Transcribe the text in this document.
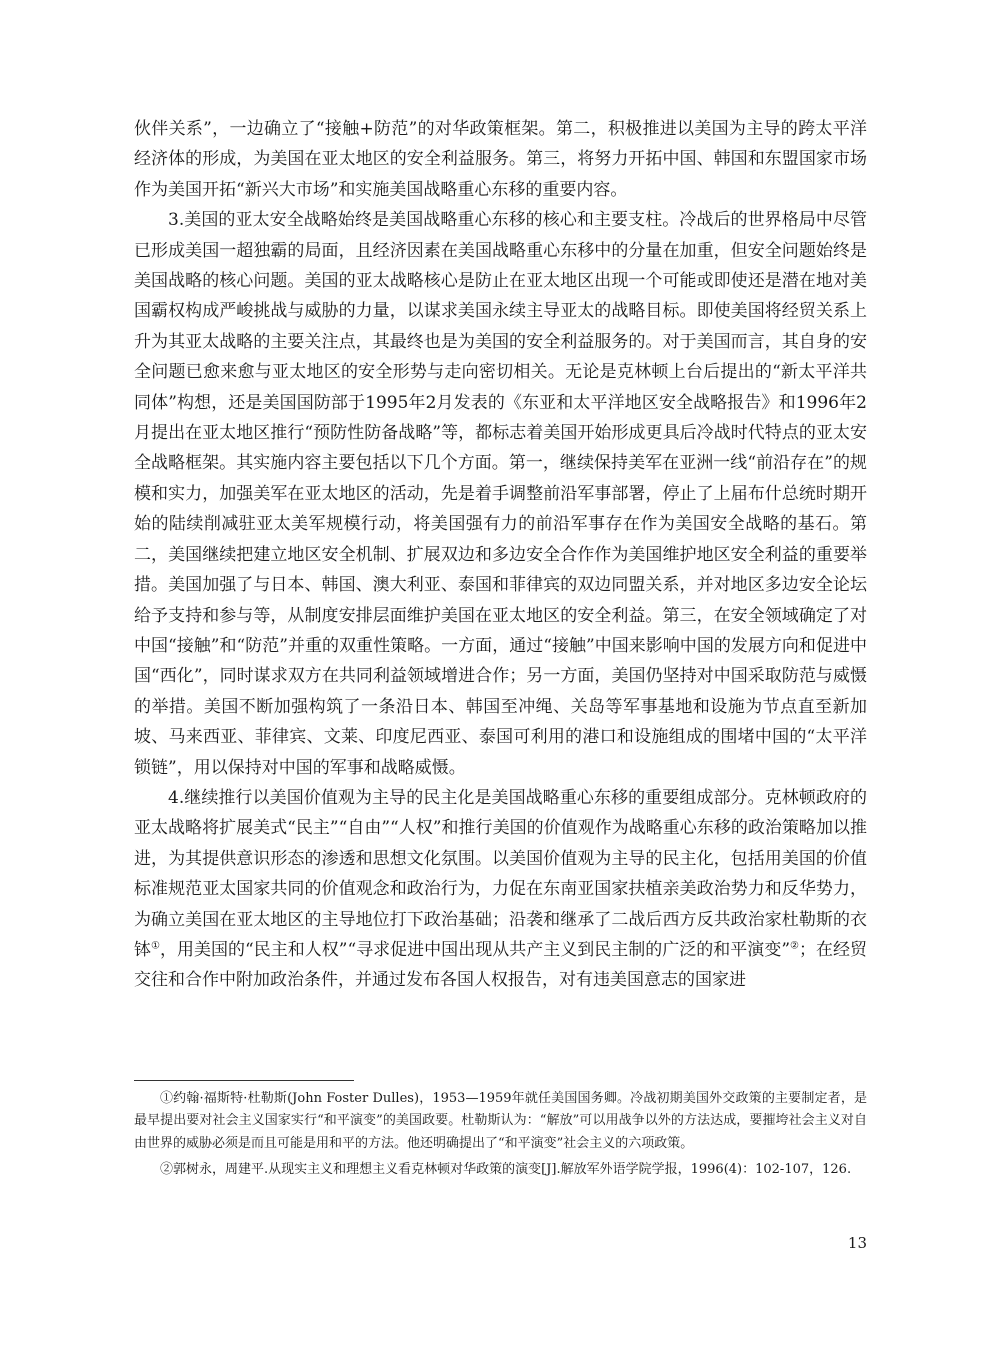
伙伴关系”，一边确立了“接触+防范”的对华政策框架。第二，积极推进以美国为主导的跨太平洋经济体的形成，为美国在亚太地区的安全利益服务。第三，将努力开拓中国、韩国和东盟国家市场作为美国开拓“新兴大市场”和实施美国战略重心东移的重要内容。

3.美国的亚太安全战略始终是美国战略重心东移的核心和主要支柱。冷战后的世界格局中尽管已形成美国一超独霸的局面，且经济因素在美国战略重心东移中的分量在加重，但安全问题始终是美国战略的核心问题。美国的亚太战略核心是防止在亚太地区出现一个可能或即使还是潜在地对美国霸权构成严峻挑战与威胁的力量，以谋求美国永续主导亚太的战略目标。即使美国将经贸关系上升为其亚太战略的主要关注点，其最终也是为美国的安全利益服务的。对于美国而言，其自身的安全问题已愈来愈与亚太地区的安全形势与走向密切相关。无论是克林顿上台后提出的“新太平洋共同体”构想，还是美国国防部于1995年2月发表的《东亚和太平洋地区安全战略报告》和1996年2月提出在亚太地区推行“预防性防备战略”等，都标志着美国开始形成更具后冷战时代特点的亚太安全战略框架。其实施内容主要包括以下几个方面。第一，继续保持美军在亚洲一线“前沿存在”的规模和实力，加强美军在亚太地区的活动，先是着手调整前沿军事部署，停止了上届布什总统时期开始的陆续削减驻亚太美军规模行动，将美国强有力的前沿军事存在作为美国安全战略的基石。第二，美国继续把建立地区安全机制、扩展双边和多边安全合作作为美国维护地区安全利益的重要举措。美国加强了与日本、韩国、澳大利亚、泰国和菲律宾的双边同盟关系，并对地区多边安全论坛给予支持和参与等，从制度安排层面维护美国在亚太地区的安全利益。第三，在安全领域确定了对中国“接触”和“防范”并重的双重性策略。一方面，通过“接触”中国来影响中国的发展方向和促进中国“西化”，同时谋求双方在共同利益领域增进合作；另一方面，美国仍坚持对中国采取防范与威慑的举措。美国不断加强构筑了一条沿日本、韩国至冲绳、关岛等军事基地和设施为节点直至新加坡、马来西亚、菲律宾、文莱、印度尼西亚、泰国可利用的港口和设施组成的围堵中国的“太平洋锁链”，用以保持对中国的军事和战略威慑。

4.继续推行以美国价值观为主导的民主化是美国战略重心东移的重要组成部分。克林顿政府的亚太战略将扩展美式“民主”“自由”“人权”和推行美国的价值观作为战略重心东移的政治策略加以推进，为其提供意识形态的渗透和思想文化氛围。以美国价值观为主导的民主化，包括用美国的价值标准规范亚太国家共同的价值观念和政治行为，力促在东南亚国家扶植亲美政治势力和反华势力，为确立美国在亚太地区的主导地位打下政治基础；沿袭和继承了二战后西方反共政治家杜勒斯的衣钵①，用美国的“民主和人权”“寻求促进中国出现从共产主义到民主制的广泛的和平演变”②；在经贸交往和合作中附加政治条件，并通过发布各国人权报告，对有违美国意志的国家进

①约翰·福斯特·杜勒斯(John Foster Dulles)，1953—1959年就任美国国务卿。冷战初期美国外交政策的主要制定者，是最早提出要对社会主义国家实行“和平演变”的美国政要。杜勒斯认为：“解放”可以用战争以外的方法达成，要摧垮社会主义对自由世界的威胁必须是而且可能是用和平的方法。他还明确提出了“和平演变”社会主义的六项政策。

②郭树永，周建平.从现实主义和理想主义看克林顿对华政策的演变[J].解放军外语学院学报，1996(4)：102-107，126.

13
